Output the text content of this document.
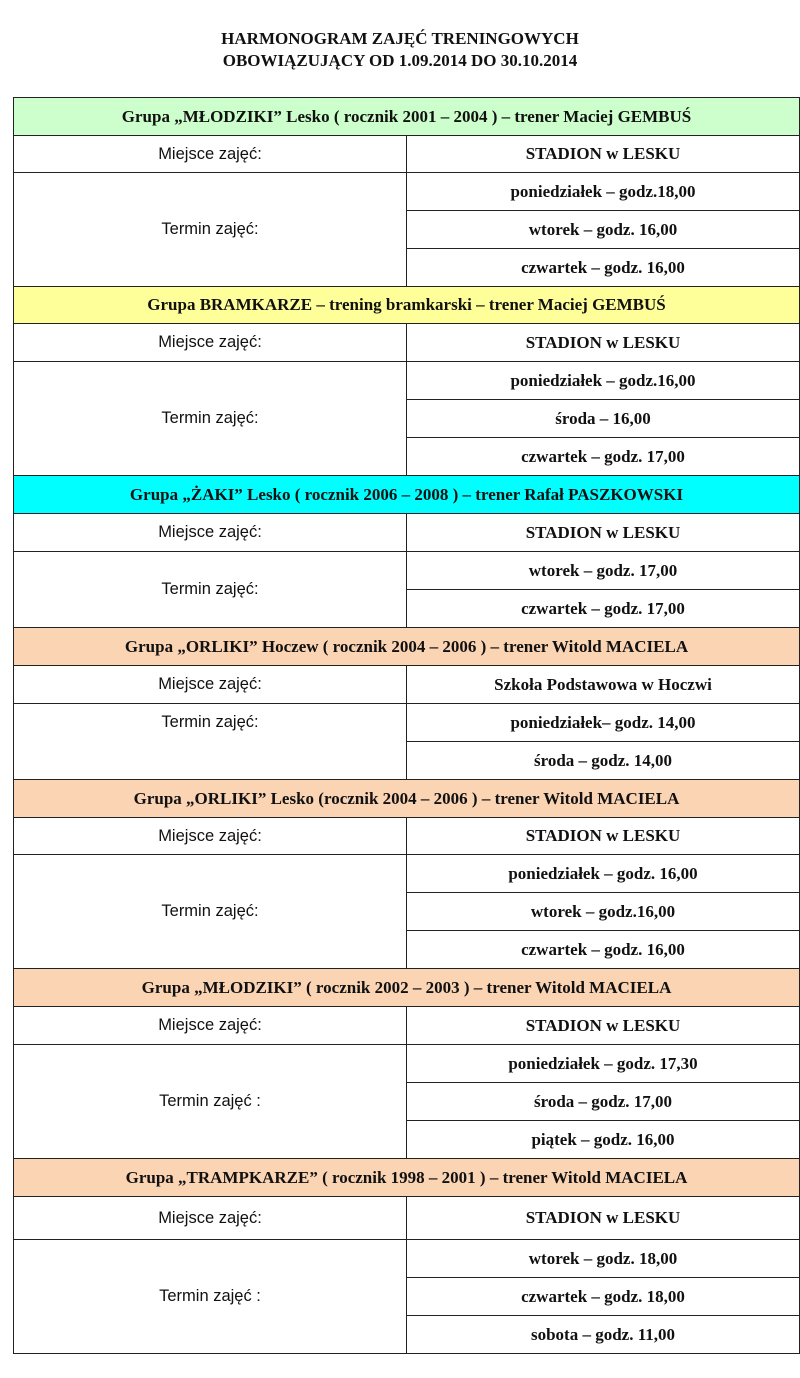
HARMONOGRAM ZAJĘĆ TRENINGOWYCH
OBOWIĄZUJĄCY OD 1.09.2014 DO 30.10.2014
Grupa „MŁODZIKI” Lesko ( rocznik 2001 – 2004 ) – trener Maciej GEMBUŚ	
Miejsce zajęć:	STADION w LESKU
Termin zajęć:	poniedziałek – godz.18,00
	wtorek – godz. 16,00
	czwartek – godz. 16,00
Grupa BRAMKARZE – trening bramkarski – trener Maciej GEMBUŚ	
Miejsce zajęć:	STADION w LESKU
Termin zajęć:	poniedziałek – godz.16,00
	środa – 16,00
	czwartek – godz. 17,00
Grupa „ŻAKI” Lesko ( rocznik 2006 – 2008 ) – trener Rafał PASZKOWSKI	
Miejsce zajęć:	STADION w LESKU
Termin zajęć:	wtorek – godz. 17,00
	czwartek – godz. 17,00
Grupa „ORLIKI” Hoczew ( rocznik 2004 – 2006 ) – trener Witold MACIELA	
Miejsce zajęć:	Szkoła Podstawowa w Hoczwi
Termin zajęć:	poniedziałek– godz. 14,00
	środa – godz. 14,00
Grupa „ORLIKI” Lesko (rocznik 2004 – 2006 ) – trener Witold MACIELA	
Miejsce zajęć:	STADION w LESKU
Termin zajęć:	poniedziałek – godz. 16,00
	wtorek – godz.16,00
	czwartek – godz. 16,00
Grupa „MŁODZIKI” ( rocznik 2002 – 2003 ) – trener Witold MACIELA	
Miejsce zajęć:	STADION w LESKU
Termin zajęć :	poniedziałek – godz. 17,30
	środa – godz. 17,00
	piątek – godz. 16,00
Grupa „TRAMPKARZE” ( rocznik 1998 – 2001 ) – trener Witold MACIELA	
Miejsce zajęć:	STADION w LESKU
Termin zajęć :	wtorek – godz. 18,00
	czwartek – godz. 18,00
	sobota – godz. 11,00
